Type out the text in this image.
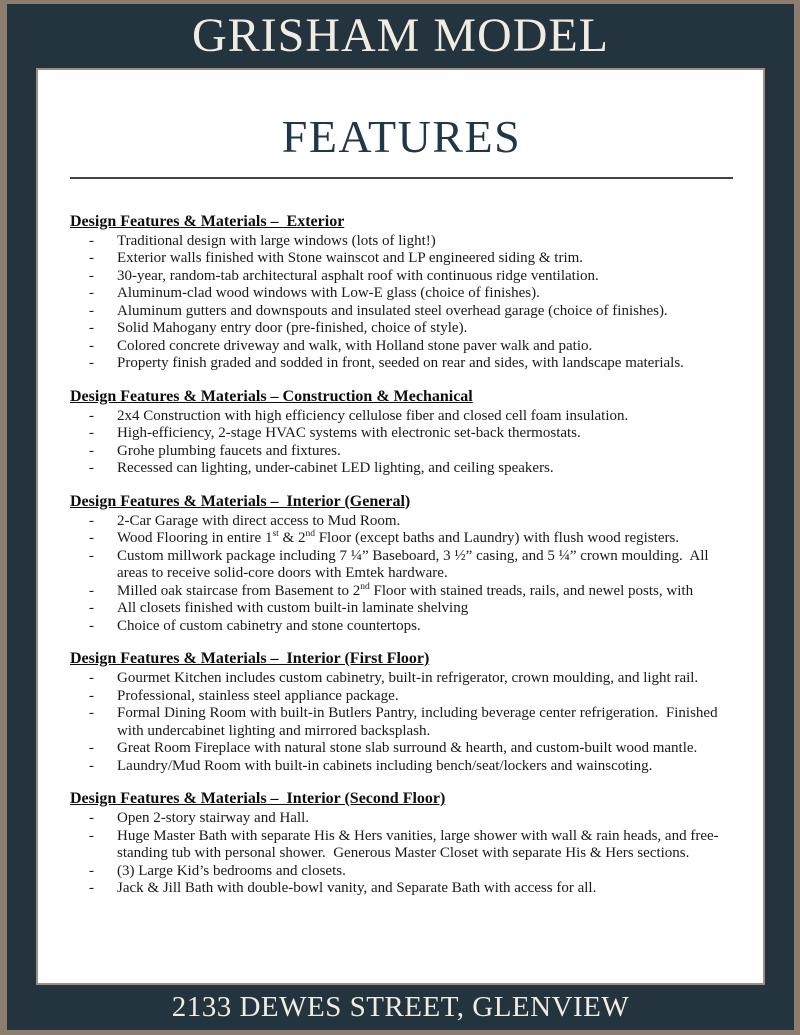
GRISHAM MODEL
FEATURES
Design Features & Materials –  Exterior
-	Traditional design with large windows (lots of light!)
-	Exterior walls finished with Stone wainscot and LP engineered siding & trim.
-	30-year, random-tab architectural asphalt roof with continuous ridge ventilation.
-	Aluminum-clad wood windows with Low-E glass (choice of finishes).
-	Aluminum gutters and downspouts and insulated steel overhead garage (choice of finishes).
-	Solid Mahogany entry door (pre-finished, choice of style).
-	Colored concrete driveway and walk, with Holland stone paver walk and patio.
-	Property finish graded and sodded in front, seeded on rear and sides, with landscape materials.
Design Features & Materials – Construction & Mechanical
-	2x4 Construction with high efficiency cellulose fiber and closed cell foam insulation.
-	High-efficiency, 2-stage HVAC systems with electronic set-back thermostats.
-	Grohe plumbing faucets and fixtures.
-	Recessed can lighting, under-cabinet LED lighting, and ceiling speakers.
Design Features & Materials –  Interior (General)
-	2-Car Garage with direct access to Mud Room.
-	Wood Flooring in entire 1st & 2nd Floor (except baths and Laundry) with flush wood registers.
-	Custom millwork package including 7 ¼” Baseboard, 3 ½” casing, and 5 ¼” crown moulding.  All areas to receive solid-core doors with Emtek hardware.
-	Milled oak staircase from Basement to 2nd Floor with stained treads, rails, and newel posts, with
-	All closets finished with custom built-in laminate shelving
-	Choice of custom cabinetry and stone countertops.
Design Features & Materials –  Interior (First Floor)
-	Gourmet Kitchen includes custom cabinetry, built-in refrigerator, crown moulding, and light rail.
-	Professional, stainless steel appliance package.
-	Formal Dining Room with built-in Butlers Pantry, including beverage center refrigeration.  Finished with undercabinet lighting and mirrored backsplash.
-	Great Room Fireplace with natural stone slab surround & hearth, and custom-built wood mantle.
-	Laundry/Mud Room with built-in cabinets including bench/seat/lockers and wainscoting.
Design Features & Materials –  Interior (Second Floor)
-	Open 2-story stairway and Hall.
-	Huge Master Bath with separate His & Hers vanities, large shower with wall & rain heads, and free-standing tub with personal shower.  Generous Master Closet with separate His & Hers sections.
-	(3) Large Kid’s bedrooms and closets.
-	Jack & Jill Bath with double-bowl vanity, and Separate Bath with access for all.
2133 DEWES STREET, GLENVIEW
